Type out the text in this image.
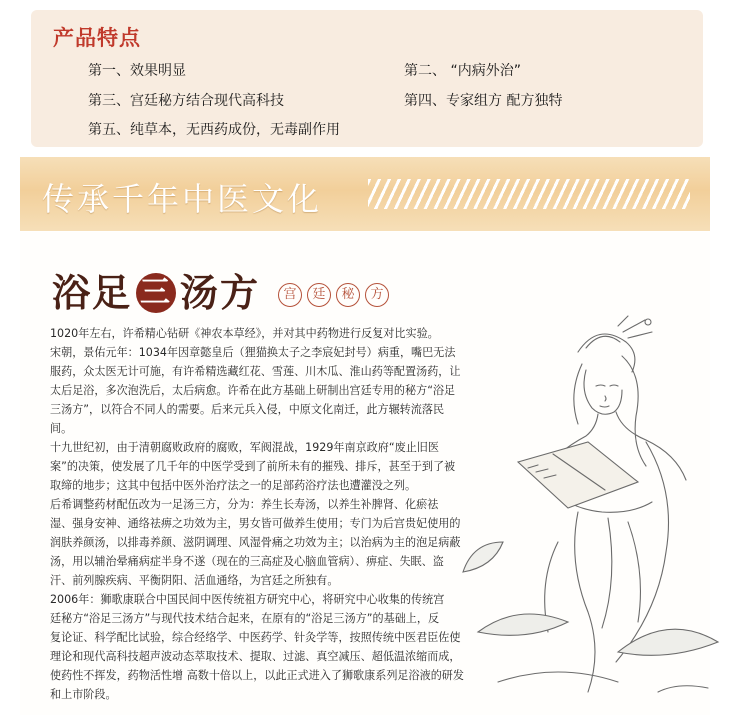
产品特点
第一、效果明显	第二、 “内病外治”
第三、宫廷秘方结合现代高科技	第四、专家组方 配方独特
第五、纯草本，无西药成份，无毒副作用
传承千年中医文化
浴足 三 汤方	宫 廷 秘 方

1020年左右，许希精心钻研《神农本草经》，并对其中药物进行反复对比实验。
宋朝，景佑元年：1034年因章懿皇后（狸猫换太子之李宸妃封号）病重，嘴巴无法
服药，众太医无计可施，有许希精选藏红花、雪莲、川木瓜、淮山药等配置汤药，让
太后足浴，多次泡洗后，太后病愈。许希在此方基础上研制出宫廷专用的秘方“浴足
三汤方”，以符合不同人的需要。后来元兵入侵，中原文化南迁，此方辗转流落民
间。

十九世纪初，由于清朝腐败政府的腐败，军阀混战，1929年南京政府“废止旧医
案”的决策，使发展了几千年的中医学受到了前所未有的摧残、排斥，甚至于到了被
取缔的地步；这其中包括中医外治疗法之一的足部药浴疗法也遭灌没之列。

后希调整药材配伍改为一足汤三方，分为：养生长寿汤，以养生补脾肾、化瘀祛
湿、强身安神、通络祛痹之功效为主，男女皆可做养生使用；专门为后宫贵妃使用的
润肤养颜汤，以排毒养颜、滋阴调理、风湿骨痛之功效为主；以治病为主的泡足病蔽
汤，用以辅治晕痛病症半身不遂（现在的三高症及心脑血管病）、痹症、失眠、盗
汗、前列腺疾病、平衡阴阳、活血通络，为宫廷之所独有。

2006年：狮歌康联合中国民间中医传统祖方研究中心，将研究中心收集的传统宫
廷秘方“浴足三汤方”与现代技术结合起来，在原有的“浴足三汤方”的基础上，反
复论证、科学配比试验，综合经络学、中医药学、针灸学等，按照传统中医君臣佐使
理论和现代高科技超声波动态萃取技术、提取、过滤、真空减压、超低温浓缩而成，
使药性不挥发，药物活性增 高数十倍以上，以此正式进入了狮歌康系列足浴液的研发
和上市阶段。
